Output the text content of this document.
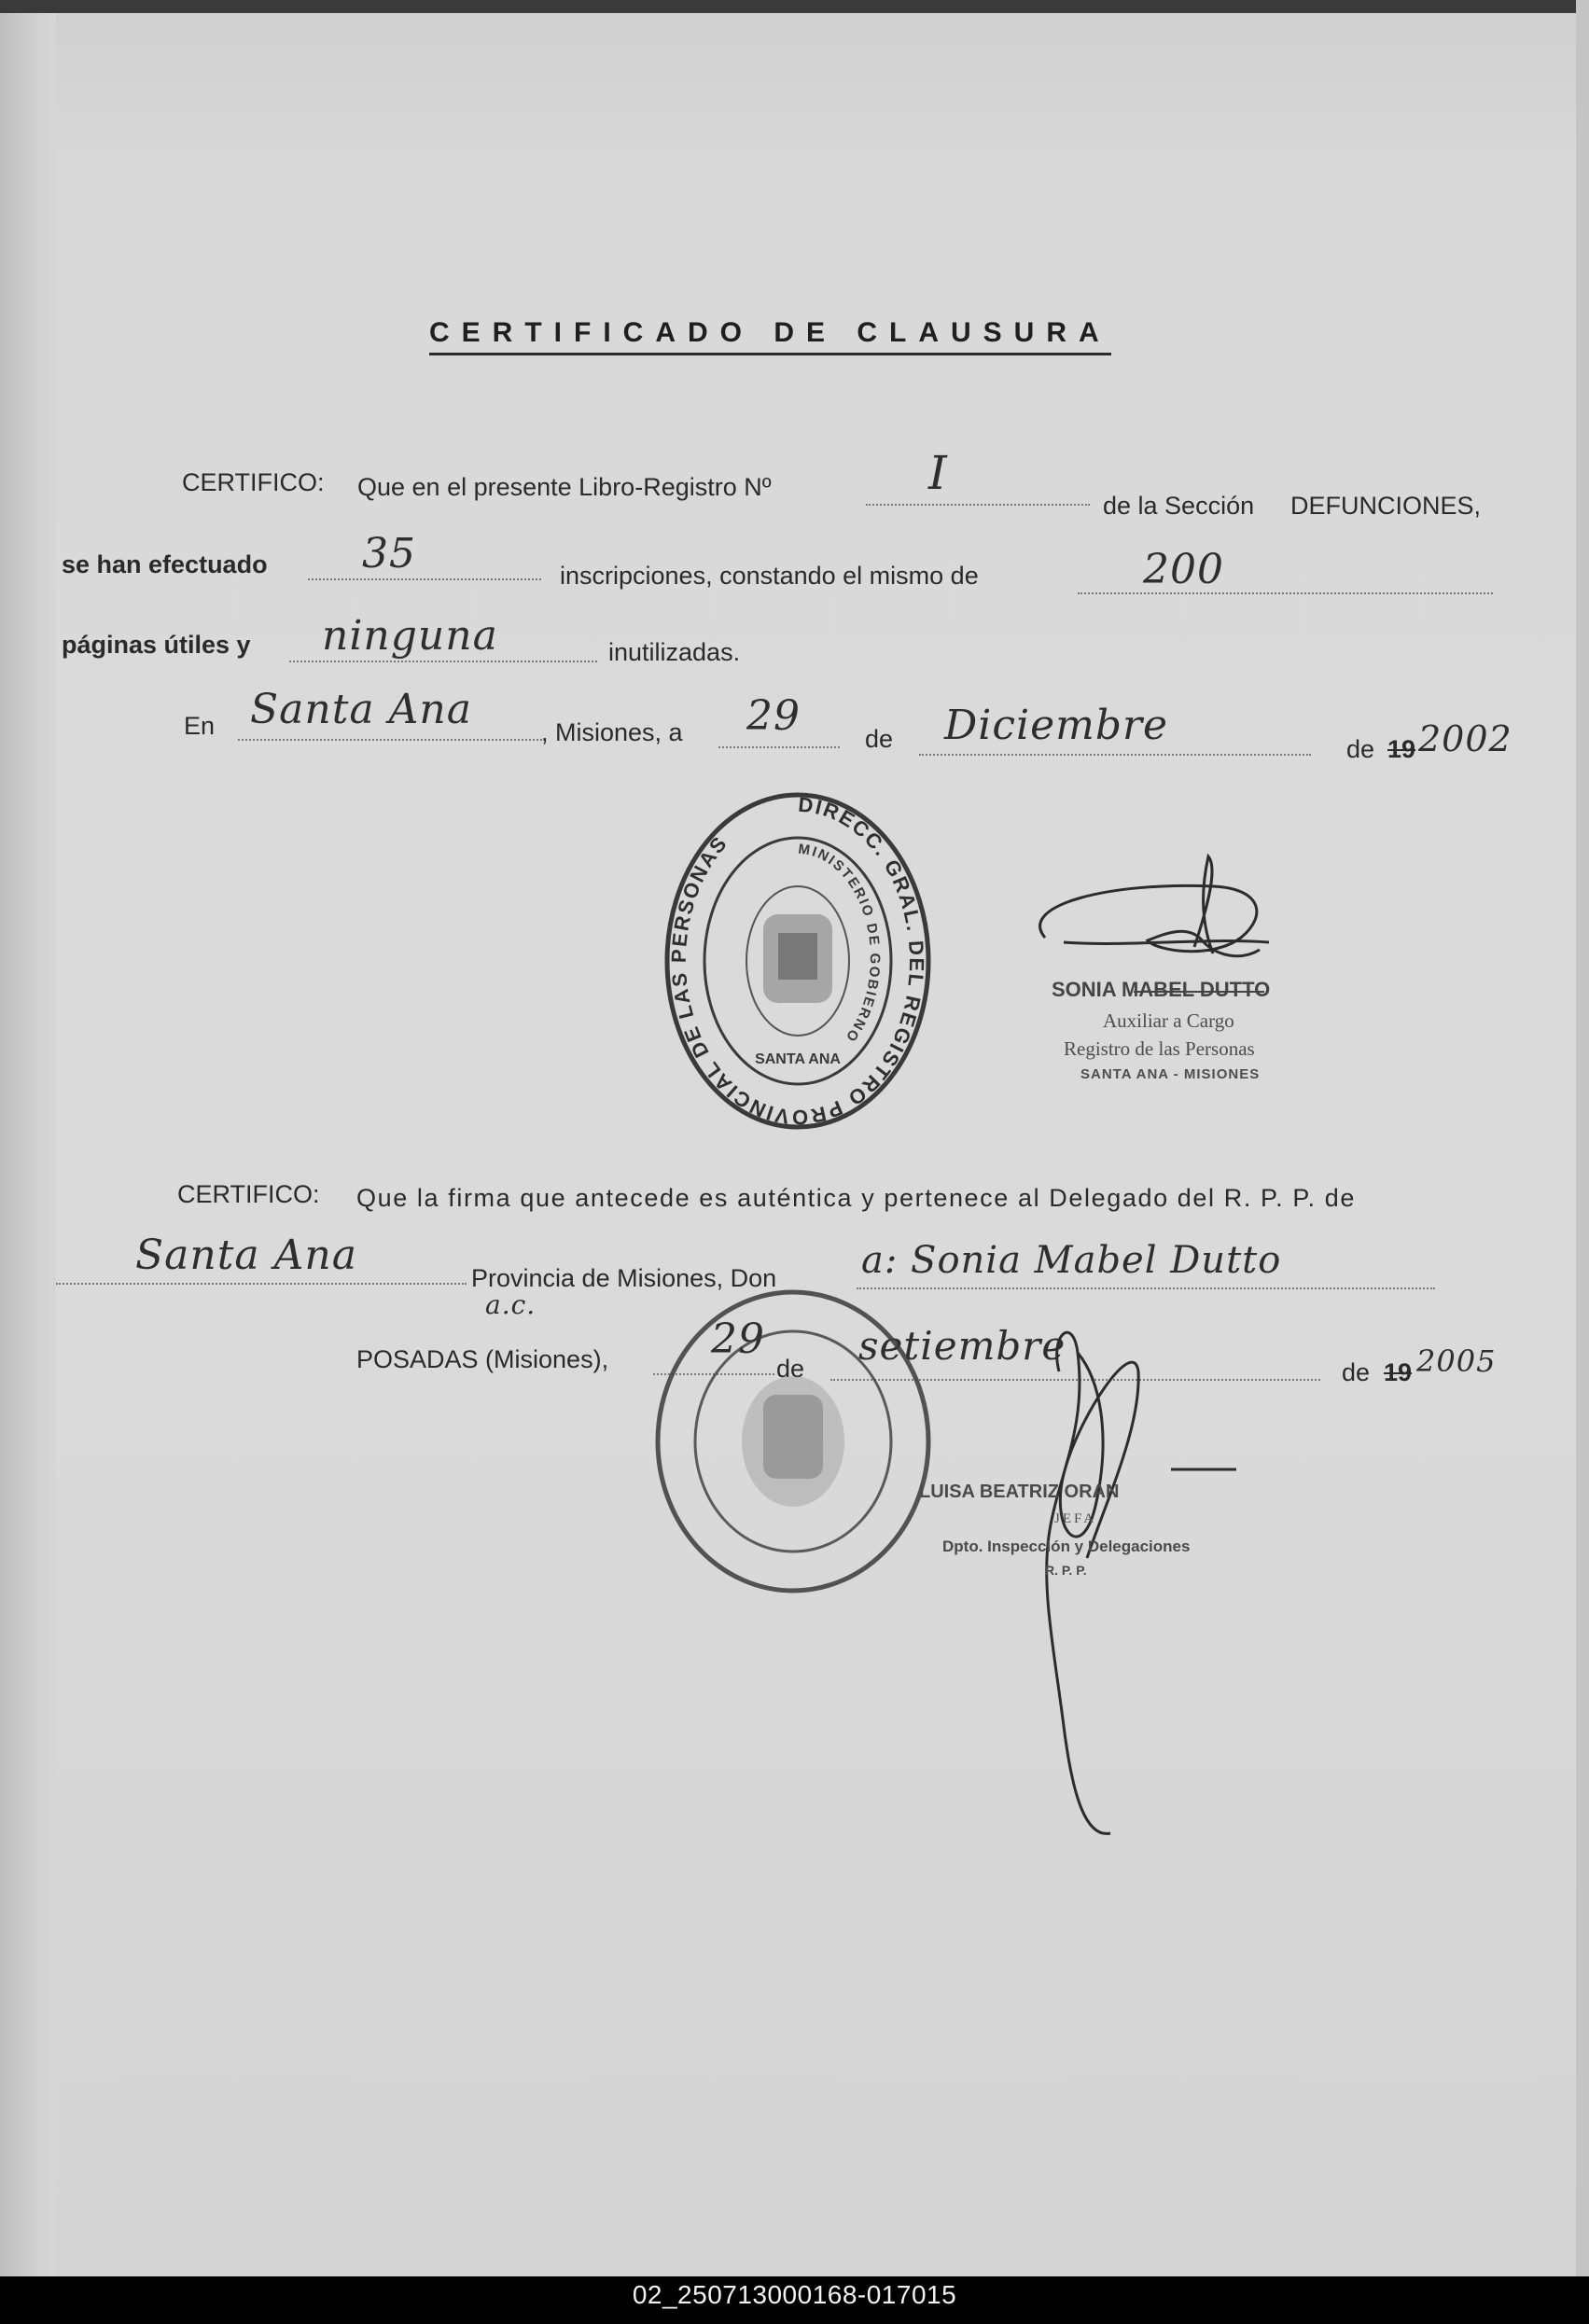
CERTIFICADO DE CLAUSURA
CERTIFICO: Que en el presente Libro-Registro Nº	I
de la Sección DEFUNCIONES,
se han efectuado 35	inscripciones, constando el mismo de	200
páginas útiles y ninguna	inutilizadas.
En Santa Ana	, Misiones, a 29	de Diciembre	de 19 2002
DIRECC. GRAL. DEL REGISTRO PROVINCIAL DE LAS PERSONAS	MINISTERIO DE GOBIERNO
SANTA ANA
SONIA MABEL DUTTO
Auxiliar a Cargo
Registro de las Personas
SANTA ANA - MISIONES
CERTIFICO: Que la firma que antecede es auténtica y pertenece al Delegado del R. P. P. de
Santa Ana	Provincia de Misiones, Don a: Sonia Mabel Dutto
a.c.
POSADAS (Misiones), 29
de setiembre
de 19 2005
LUISA BEATRIZ ORAN
JEFA
Dpto. Inspección y Delegaciones
R. P. P.
02_250713000168-017015
